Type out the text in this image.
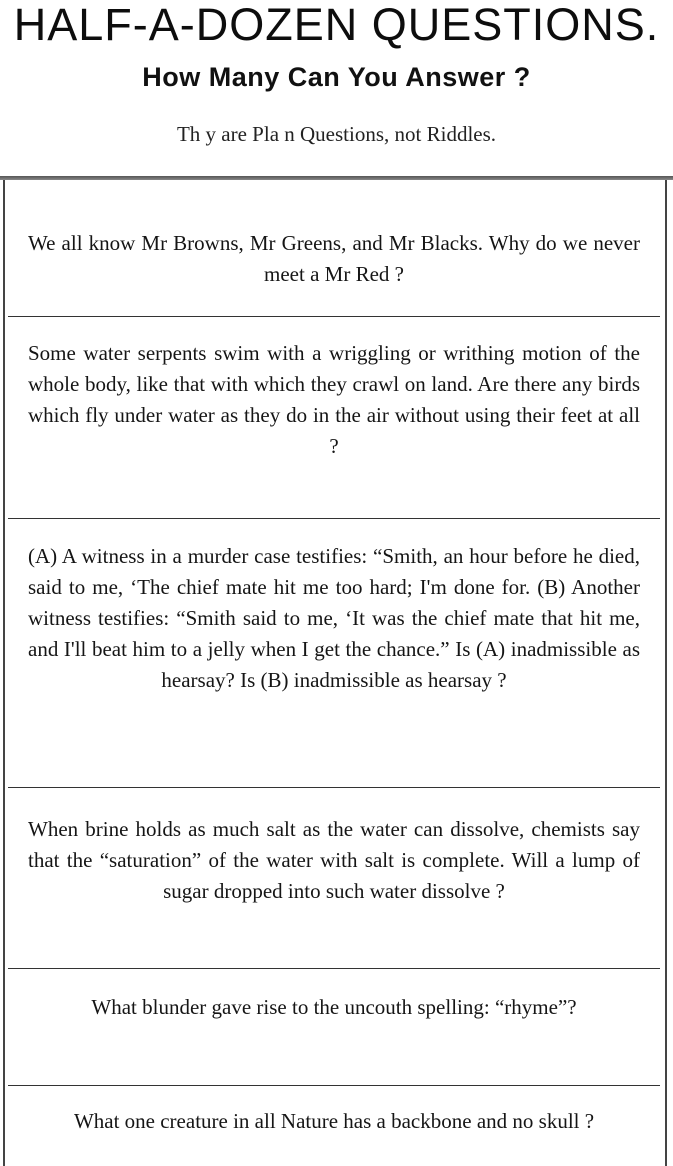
HALF-A-DOZEN QUESTIONS.
How Many Can You Answer ?
Th y are Pla n Questions, not Riddles.
We all know Mr Browns, Mr Greens, and Mr Blacks. Why do we never meet a Mr Red ?
Some water serpents swim with a wriggling or writhing motion of the whole body, like that with which they crawl on land. Are there any birds which fly under water as they do in the air without using their feet at all ?
(A) A witness in a murder case testifies: “Smith, an hour before he died, said to me, ‘The chief mate hit me too hard; I'm done for. (B) Another witness testifies: “Smith said to me, ‘It was the chief mate that hit me, and I'll beat him to a jelly when I get the chance.” Is (A) inadmissible as hearsay? Is (B) inadmissible as hearsay ?
When brine holds as much salt as the water can dissolve, chemists say that the “saturation” of the water with salt is complete. Will a lump of sugar dropped into such water dissolve ?
What blunder gave rise to the uncouth spelling: “rhyme”?
What one creature in all Nature has a backbone and no skull ?
